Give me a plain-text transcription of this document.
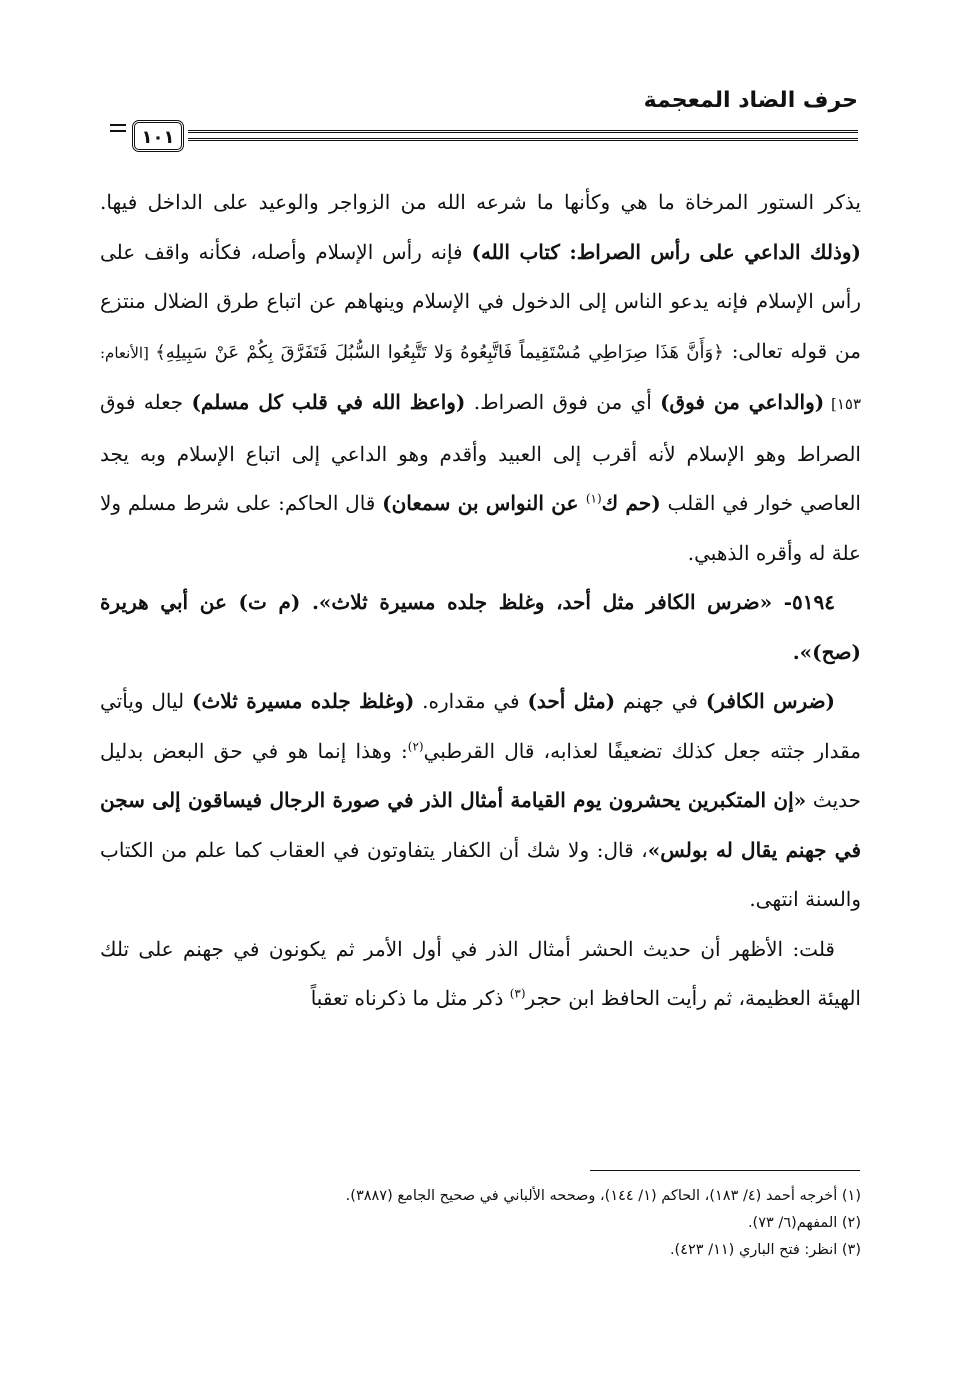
حرف الضاد المعجمة
١٠١

يذكر الستور المرخاة ما هي وكأنها ما شرعه الله من الزواجر والوعيد على الداخل فيها. (وذلك الداعي على رأس الصراط: كتاب الله) فإنه رأس الإسلام وأصله، فكأنه واقف على رأس الإسلام فإنه يدعو الناس إلى الدخول في الإسلام وينهاهم عن اتباع طرق الضلال منتزع من قوله تعالى: ﴿وَأَنَّ هَذَا صِرَاطِي مُسْتَقِيماً فَاتَّبِعُوهُ وَلا تَتَّبِعُوا السُّبُلَ فَتَفَرَّقَ بِكُمْ عَنْ سَبِيلِهِ﴾ [الأنعام: ١٥٣] (والداعي من فوق) أي من فوق الصراط. (واعظ الله في قلب كل مسلم) جعله فوق الصراط وهو الإسلام لأنه أقرب إلى العبيد وأقدم وهو الداعي إلى اتباع الإسلام وبه يجد العاصي خوار في القلب (حم ك$^{(١)}$ عن النواس بن سمعان) قال الحاكم: على شرط مسلم ولا علة له وأقره الذهبي.

٥١٩٤- «ضرس الكافر مثل أحد، وغلظ جلده مسيرة ثلاث». (م ت) عن أبي هريرة (صح)».

(ضرس الكافر) في جهنم (مثل أحد) في مقداره. (وغلظ جلده مسيرة ثلاث) ليال ويأتي مقدار جثته جعل كذلك تضعيفًا لعذابه، قال القرطبي$^{(٢)}$: وهذا إنما هو في حق البعض بدليل حديث «إن المتكبرين يحشرون يوم القيامة أمثال الذر في صورة الرجال فيساقون إلى سجن في جهنم يقال له بولس»، قال: ولا شك أن الكفار يتفاوتون في العقاب كما علم من الكتاب والسنة انتهى.

قلت: الأظهر أن حديث الحشر أمثال الذر في أول الأمر ثم يكونون في جهنم على تلك الهيئة العظيمة، ثم رأيت الحافظ ابن حجر$^{(٣)}$ ذكر مثل ما ذكرناه تعقباً

(١) أخرجه أحمد (٤/ ١٨٣)، الحاكم (١/ ١٤٤)، وصححه الألباني في صحيح الجامع (٣٨٨٧).
(٢) المفهم(٦/ ٧٣).
(٣) انظر: فتح الباري (١١/ ٤٢٣).
